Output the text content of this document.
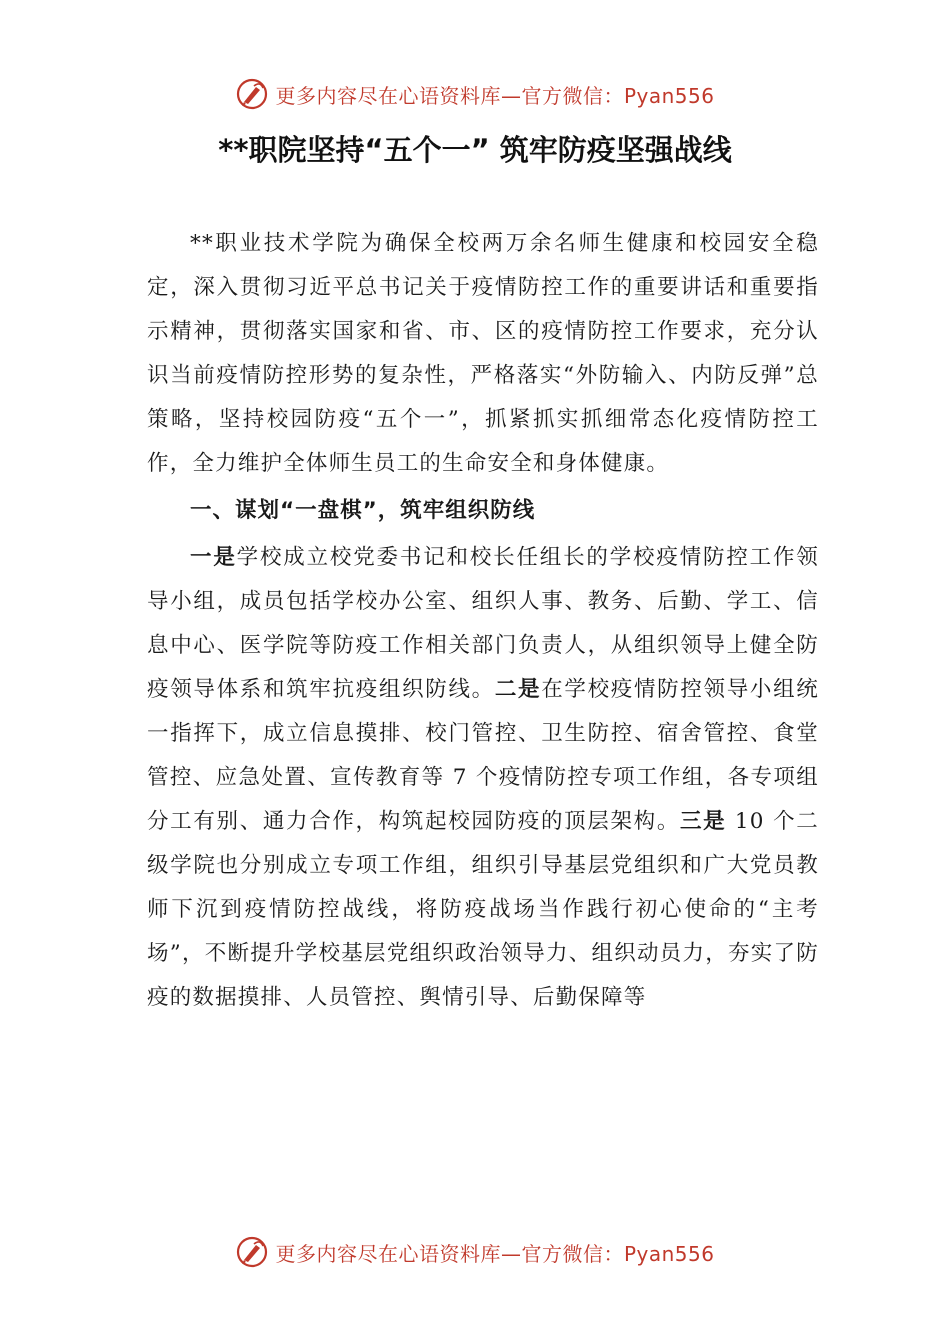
更多内容尽在心语资料库—官方微信：Pyan556
**职院坚持“五个一” 筑牢防疫坚强战线

**职业技术学院为确保全校两万余名师生健康和校园安全稳定，深入贯彻习近平总书记关于疫情防控工作的重要讲话和重要指示精神，贯彻落实国家和省、市、区的疫情防控工作要求，充分认识当前疫情防控形势的复杂性，严格落实“外防输入、内防反弹”总策略，坚持校园防疫“五个一”，抓紧抓实抓细常态化疫情防控工作，全力维护全体师生员工的生命安全和身体健康。

一、谋划“一盘棋”，筑牢组织防线

一是学校成立校党委书记和校长任组长的学校疫情防控工作领导小组，成员包括学校办公室、组织人事、教务、后勤、学工、信息中心、医学院等防疫工作相关部门负责人，从组织领导上健全防疫领导体系和筑牢抗疫组织防线。二是在学校疫情防控领导小组统一指挥下，成立信息摸排、校门管控、卫生防控、宿舍管控、食堂管控、应急处置、宣传教育等 7 个疫情防控专项工作组，各专项组分工有别、通力合作，构筑起校园防疫的顶层架构。三是 10 个二级学院也分别成立专项工作组，组织引导基层党组织和广大党员教师下沉到疫情防控战线，将防疫战场当作践行初心使命的“主考场”，不断提升学校基层党组织政治领导力、组织动员力，夯实了防疫的数据摸排、人员管控、舆情引导、后勤保障等

更多内容尽在心语资料库—官方微信：Pyan556
